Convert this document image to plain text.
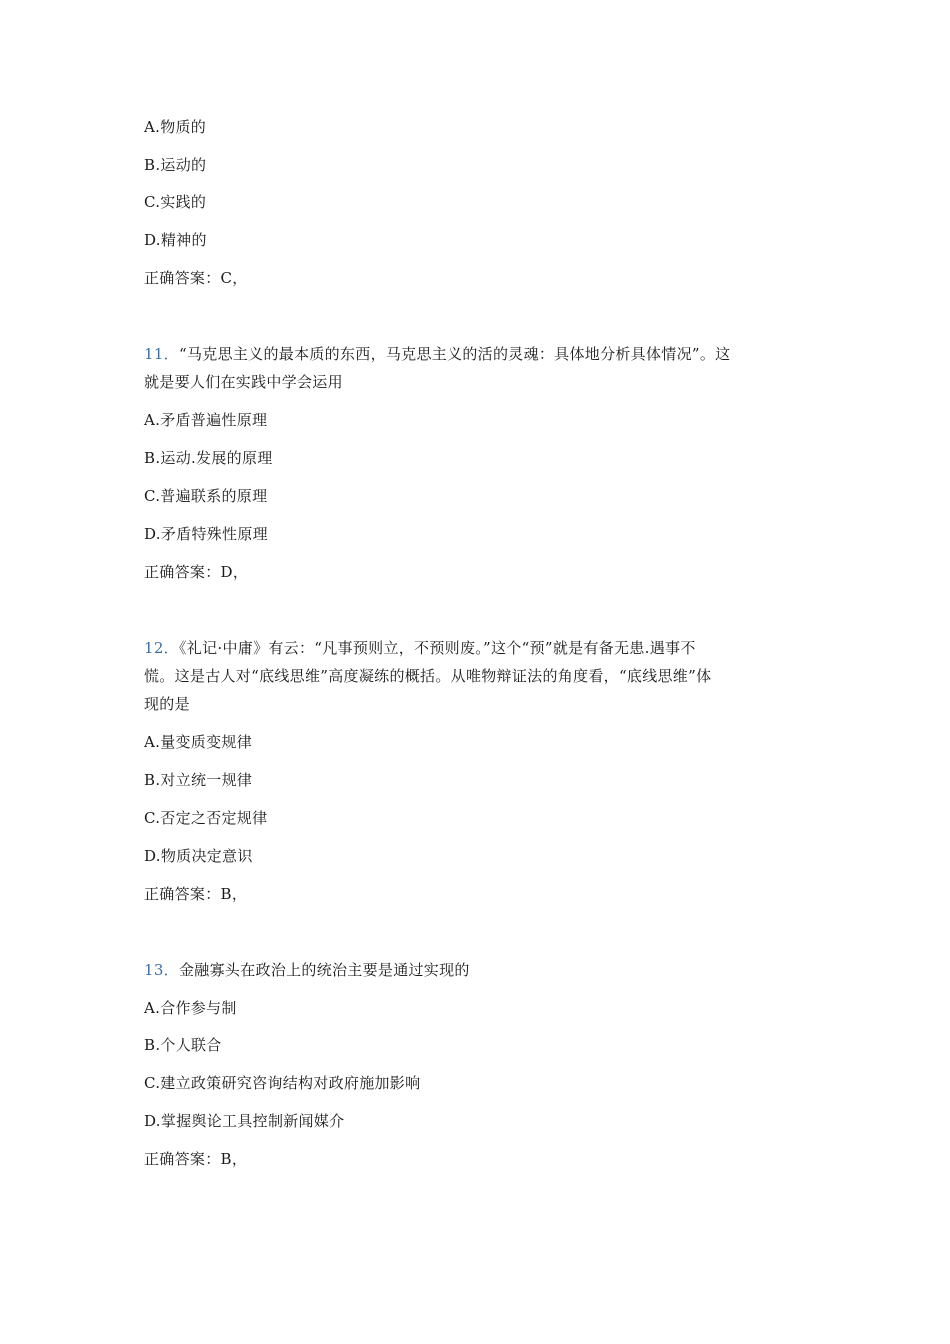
A.物质的
B.运动的
C.实践的
D.精神的
正确答案：C，
11．“马克思主义的最本质的东西，马克思主义的活的灵魂：具体地分析具体情况”。这
就是要人们在实践中学会运用
A.矛盾普遍性原理
B.运动.发展的原理
C.普遍联系的原理
D.矛盾特殊性原理
正确答案：D，
12．《礼记·中庸》有云：“凡事预则立，不预则废。”这个“预”就是有备无患.遇事不
慌。这是古人对“底线思维”高度凝练的概括。从唯物辩证法的角度看，“底线思维”体
现的是
A.量变质变规律
B.对立统一规律
C.否定之否定规律
D.物质决定意识
正确答案：B，
13．金融寡头在政治上的统治主要是通过实现的
A.合作参与制
B.个人联合
C.建立政策研究咨询结构对政府施加影响
D.掌握舆论工具控制新闻媒介
正确答案：B，
